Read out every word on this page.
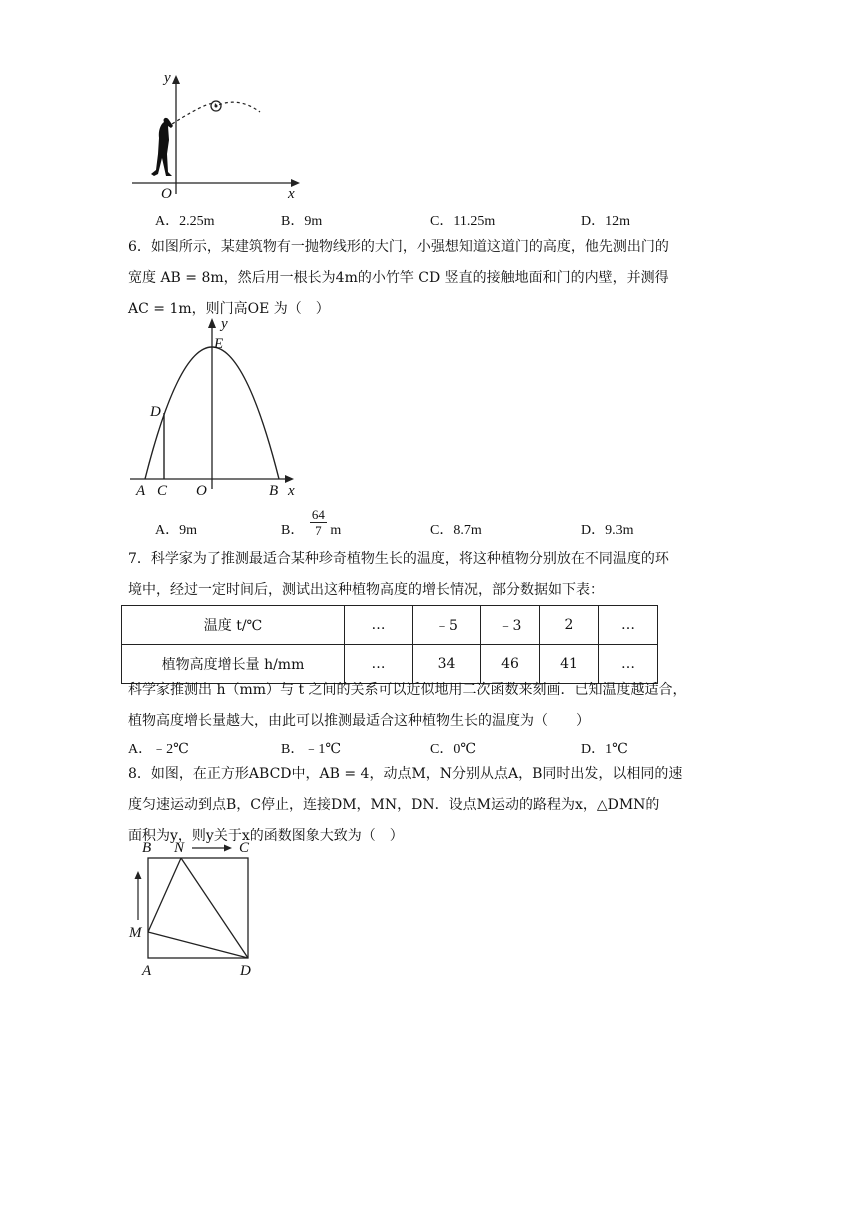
y
x
O
A．2.25m	B．9m	C．11.25m	D．12m
6．如图所示，某建筑物有一抛物线形的大门，小强想知道这道门的高度，他先测出门的
宽度 AB = 8m，然后用一根长为4m的小竹竿 CD 竖直的接触地面和门的内壁，并测得
AC = 1m，则门高OE 为（　）
y
E
D
A C O	B x
A．9m	B． $\frac{64}{7}$ m	C．8.7m	D．9.3m
7．科学家为了推测最适合某种珍奇植物生长的温度，将这种植物分别放在不同温度的环
境中，经过一定时间后，测试出这种植物高度的增长情况，部分数据如下表：
温度 t/℃	…	﹣5	﹣3	2	…
植物高度增长量 h/mm	…	34	46	41	…
科学家推测出 h（mm）与 t 之间的关系可以近似地用二次函数来刻画．已知温度越适合，
植物高度增长量越大，由此可以推测最适合这种植物生长的温度为（　　）
A．﹣2℃	B．﹣1℃	C．0℃	D．1℃
8．如图，在正方形ABCD中，AB = 4，动点M，N分别从点A，B同时出发，以相同的速
度匀速运动到点B，C停止，连接DM，MN，DN．设点M运动的路程为x，△DMN的
面积为y，则y关于x的函数图象大致为（　）
B N	C
M
A	D
